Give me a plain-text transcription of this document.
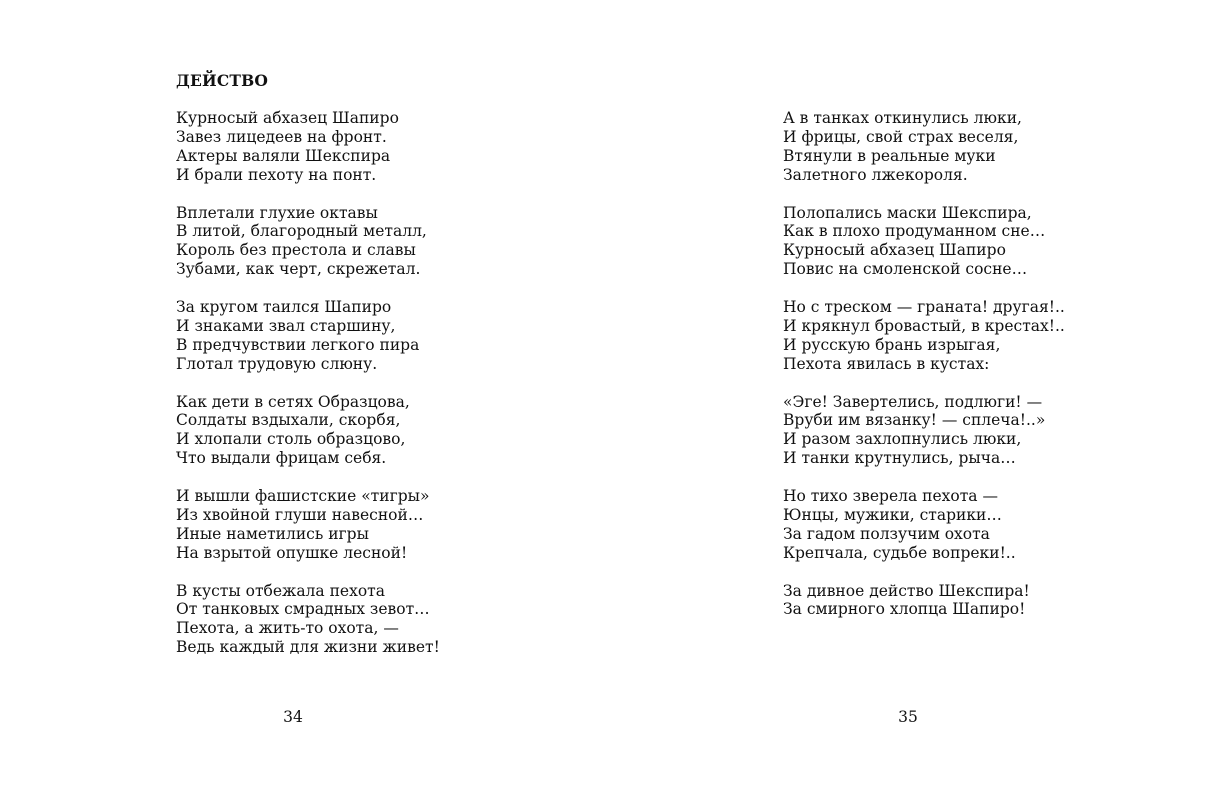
ДЕЙСТВО
Курносый абхазец Шапиро
Завез лицедеев на фронт.
Актеры валяли Шекспира
И брали пехоту на понт.
Вплетали глухие октавы
В литой, благородный металл,
Король без престола и славы
Зубами, как черт, скрежетал.
За кругом таился Шапиро
И знаками звал старшину,
В предчувствии легкого пира
Глотал трудовую слюну.
Как дети в сетях Образцова,
Солдаты вздыхали, скорбя,
И хлопали столь образцово,
Что выдали фрицам себя.
И вышли фашистские «тигры»
Из хвойной глуши навесной…
Иные наметились игры
На взрытой опушке лесной!
В кусты отбежала пехота
От танковых смрадных зевот…
Пехота, а жить-то охота, —
Ведь каждый для жизни живет!
34
А в танках откинулись люки,
И фрицы, свой страх веселя,
Втянули в реальные муки
Залетного лжекороля.
Полопались маски Шекспира,
Как в плохо продуманном сне…
Курносый абхазец Шапиро
Повис на смоленской сосне…
Но с треском — граната! другая!..
И крякнул бровастый, в крестах!..
И русскую брань изрыгая,
Пехота явилась в кустах:
«Эге! Завертелись, подлюги! —
Вруби им вязанку! — сплеча!..»
И разом захлопнулись люки,
И танки крутнулись, рыча…
Но тихо зверела пехота —
Юнцы, мужики, старики…
За гадом ползучим охота
Крепчала, судьбе вопреки!..
За дивное действо Шекспира!
За смирного хлопца Шапиро!
35
